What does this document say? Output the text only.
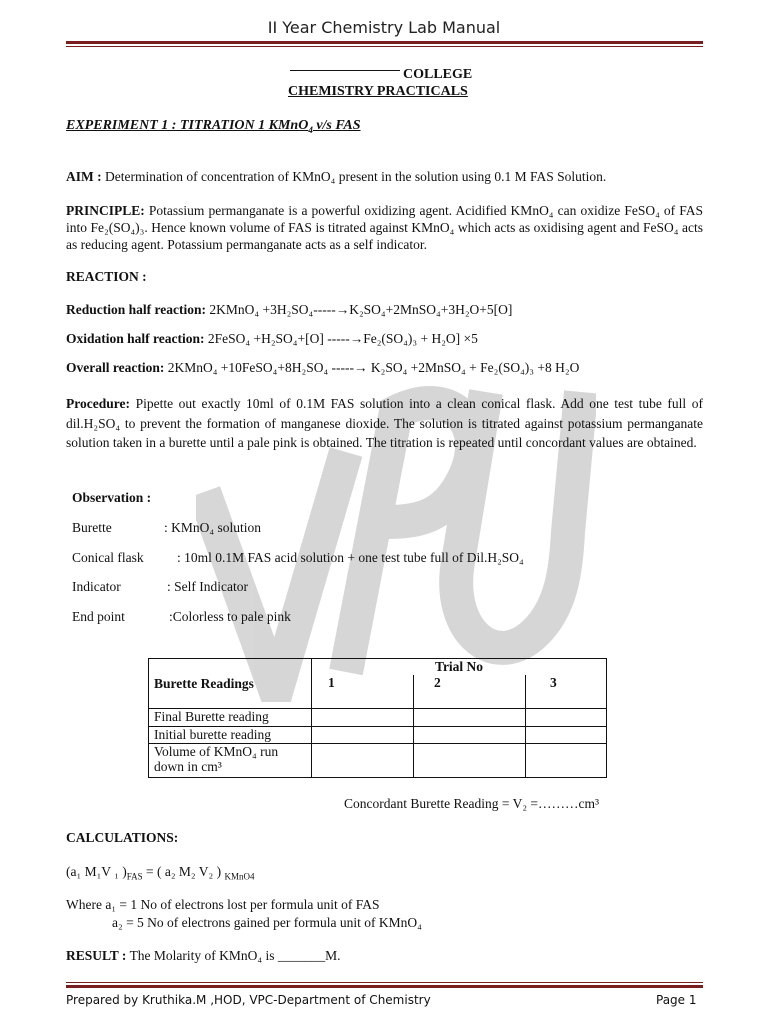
II Year Chemistry Lab Manual
COLLEGE
CHEMISTRY PRACTICALS
EXPERIMENT 1 : TITRATION 1 KMnO$_4$ v/s FAS
AIM : Determination of concentration of KMnO₄ present in the solution using 0.1 M FAS Solution.
PRINCIPLE: Potassium permanganate is a powerful oxidizing agent. Acidified KMnO₄ can oxidize FeSO₄ of FAS into Fe₂(SO₄)₃. Hence known volume of FAS is titrated against KMnO₄ which acts as oxidising agent and FeSO₄ acts as reducing agent. Potassium permanganate acts as a self indicator.
REACTION :
Reduction half reaction: 2KMnO₄ +3H₂SO₄-----→K₂SO₄+2MnSO₄+3H₂O+5[O]
Oxidation half reaction: 2FeSO₄ +H₂SO₄+[O] -----→Fe₂(SO₄)₃ + H₂O] ×5
Overall reaction: 2KMnO₄ +10FeSO₄+8H₂SO₄ -----→ K₂SO₄ +2MnSO₄ + Fe₂(SO₄)₃ +8 H₂O
Procedure: Pipette out exactly 10ml of 0.1M FAS solution into a clean conical flask. Add one test tube full of dil.H₂SO₄ to prevent the formation of manganese dioxide. The solution is titrated against potassium permanganate solution taken in a burette until a pale pink is obtained. The titration is repeated until concordant values are obtained.
Observation :
Burette	: KMnO₄ solution
Conical flask : 10ml 0.1M FAS acid solution + one test tube full of Dil.H₂SO₄
Indicator	: Self Indicator
End point	:Colorless to pale pink
Burette Readings	Trial No		
	1	2	3
Final Burette reading			
Initial burette reading			
Volume of KMnO₄ run down in cm³			
Concordant Burette Reading = V₂ =………cm³
CALCULATIONS:
(a₁ M₁V ₁ )$_{FAS}$ = ( a₂ M₂ V₂ ) $_{KMnO4}$
Where a₁ = 1 No of electrons lost per formula unit of FAS
a₂ = 5 No of electrons gained per formula unit of KMnO₄
RESULT : The Molarity of KMnO₄ is _______M.
Prepared by Kruthika.M ,HOD, VPC-Department of Chemistry	Page 1
